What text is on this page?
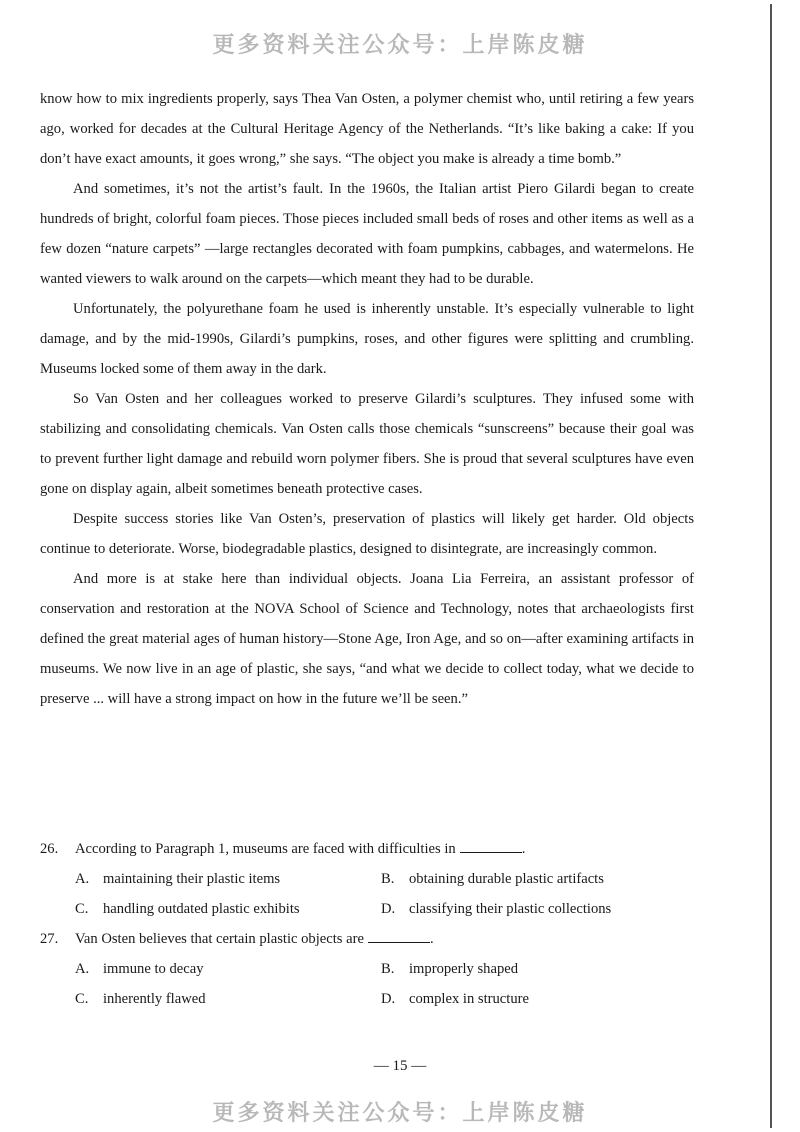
更多资料关注公众号：上岸陈皮糖

know how to mix ingredients properly, says Thea Van Osten, a polymer chemist who, until retiring a few years ago, worked for decades at the Cultural Heritage Agency of the Netherlands. “It’s like baking a cake: If you don’t have exact amounts, it goes wrong,” she says. “The object you make is already a time bomb.”

And sometimes, it’s not the artist’s fault. In the 1960s, the Italian artist Piero Gilardi began to create hundreds of bright, colorful foam pieces. Those pieces included small beds of roses and other items as well as a few dozen “nature carpets” —large rectangles decorated with foam pumpkins, cabbages, and watermelons. He wanted viewers to walk around on the carpets—which meant they had to be durable.

Unfortunately, the polyurethane foam he used is inherently unstable. It’s especially vulnerable to light damage, and by the mid-1990s, Gilardi’s pumpkins, roses, and other figures were splitting and crumbling. Museums locked some of them away in the dark.

So Van Osten and her colleagues worked to preserve Gilardi’s sculptures. They infused some with stabilizing and consolidating chemicals. Van Osten calls those chemicals “sunscreens” because their goal was to prevent further light damage and rebuild worn polymer fibers. She is proud that several sculptures have even gone on display again, albeit sometimes beneath protective cases.

Despite success stories like Van Osten’s, preservation of plastics will likely get harder. Old objects continue to deteriorate. Worse, biodegradable plastics, designed to disintegrate, are increasingly common.

And more is at stake here than individual objects. Joana Lia Ferreira, an assistant professor of conservation and restoration at the NOVA School of Science and Technology, notes that archaeologists first defined the great material ages of human history—Stone Age, Iron Age, and so on—after examining artifacts in museums. We now live in an age of plastic, she says, “and what we decide to collect today, what we decide to preserve ... will have a strong impact on how in the future we’ll be seen.”

26.	According to Paragraph 1, museums are faced with difficulties in	.
A. maintaining their plastic items	B.	obtaining durable plastic artifacts
C.	handling outdated plastic exhibits	D. classifying their plastic collections
27.	Van Osten believes that certain plastic objects are	.
A. immune to decay	B.	improperly shaped
C.	inherently flawed	D. complex in structure
— 15 —
更多资料关注公众号：上岸陈皮糖
